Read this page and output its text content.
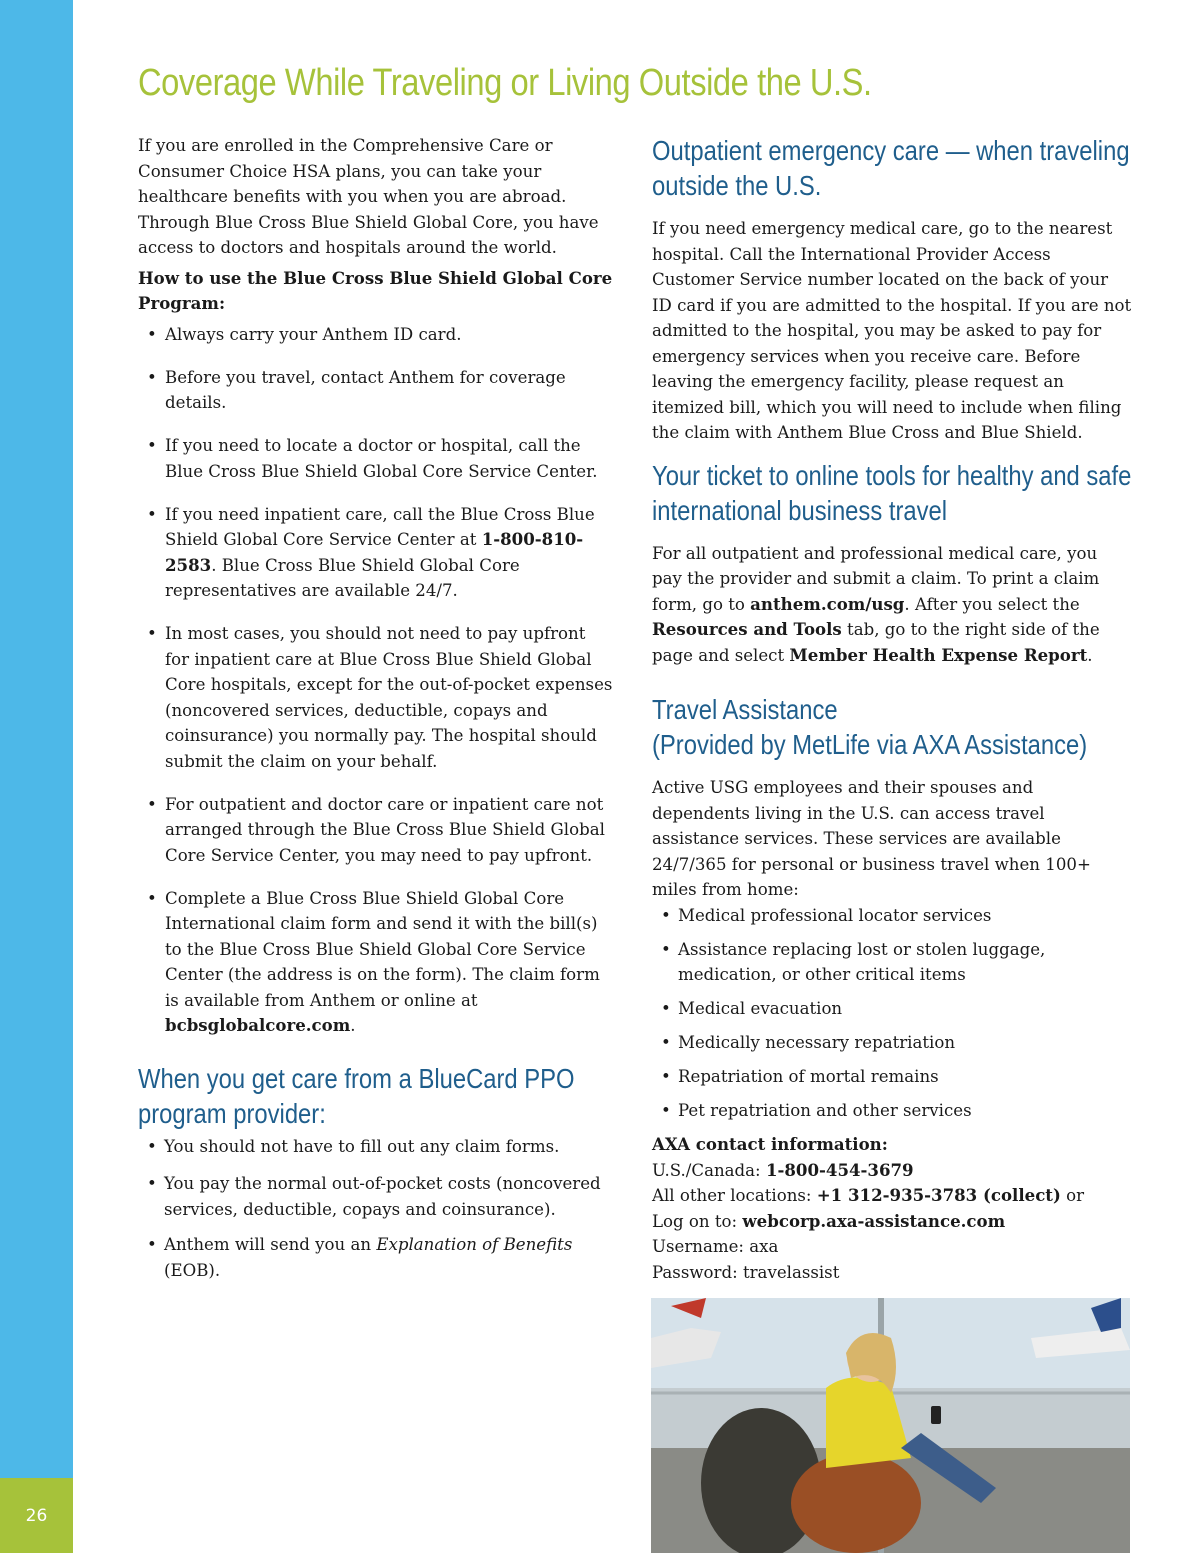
26
Coverage While Traveling or Living Outside the U.S.

If you are enrolled in the Comprehensive Care or Consumer Choice HSA plans, you can take your healthcare benefits with you when you are abroad. Through Blue Cross Blue Shield Global Core, you have access to doctors and hospitals around the world.

How to use the Blue Cross Blue Shield Global Core Program:

• Always carry your Anthem ID card.
• Before you travel, contact Anthem for coverage details.
• If you need to locate a doctor or hospital, call the Blue Cross Blue Shield Global Core Service Center.
• If you need inpatient care, call the Blue Cross Blue Shield Global Core Service Center at 1-800-810-2583. Blue Cross Blue Shield Global Core representatives are available 24/7.
• In most cases, you should not need to pay upfront for inpatient care at Blue Cross Blue Shield Global Core hospitals, except for the out-of-pocket expenses (noncovered services, deductible, copays and coinsurance) you normally pay. The hospital should submit the claim on your behalf.
• For outpatient and doctor care or inpatient care not arranged through the Blue Cross Blue Shield Global Core Service Center, you may need to pay upfront.
• Complete a Blue Cross Blue Shield Global Core International claim form and send it with the bill(s) to the Blue Cross Blue Shield Global Core Service Center (the address is on the form). The claim form is available from Anthem or online at bcbsglobalcore.com.
When you get care from a BlueCard PPO
program provider:
• You should not have to fill out any claim forms.
• You pay the normal out-of-pocket costs (noncovered services, deductible, copays and coinsurance).
• Anthem will send you an Explanation of Benefits (EOB).
Outpatient emergency care — when traveling
outside the U.S.

If you need emergency medical care, go to the nearest hospital. Call the International Provider Access Customer Service number located on the back of your ID card if you are admitted to the hospital. If you are not admitted to the hospital, you may be asked to pay for emergency services when you receive care. Before leaving the emergency facility, please request an itemized bill, which you will need to include when filing the claim with Anthem Blue Cross and Blue Shield.

Your ticket to online tools for healthy and safe
international business travel

For all outpatient and professional medical care, you pay the provider and submit a claim. To print a claim form, go to anthem.com/usg. After you select the Resources and Tools tab, go to the right side of the page and select Member Health Expense Report.

Travel Assistance
(Provided by MetLife via AXA Assistance)

Active USG employees and their spouses and dependents living in the U.S. can access travel assistance services. These services are available 24/7/365 for personal or business travel when 100+ miles from home:

• Medical professional locator services
• Assistance replacing lost or stolen luggage, medication, or other critical items
• Medical evacuation
• Medically necessary repatriation
• Repatriation of mortal remains
• Pet repatriation and other services

AXA contact information:

U.S./Canada: 1-800-454-3679

All other locations: +1 312-935-3783 (collect) or

Log on to: webcorp.axa-assistance.com

Username: axa

Password: travelassist
